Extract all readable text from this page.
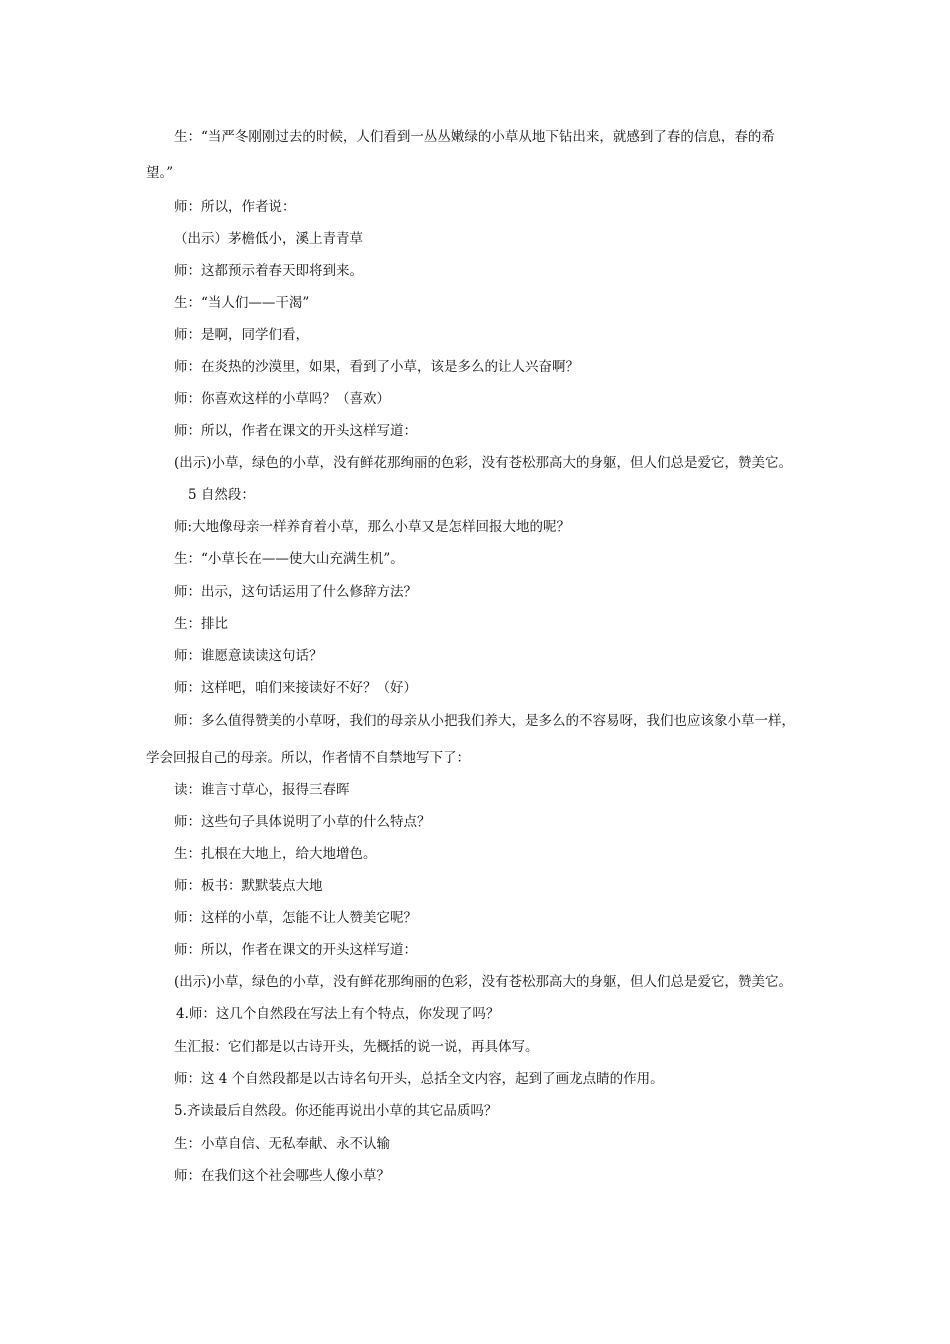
生：“当严冬刚刚过去的时候，人们看到一丛丛嫩绿的小草从地下钻出来，就感到了春的信息，春的希
望。”
师：所以，作者说：
（出示）茅檐低小，溪上青青草
师：这都预示着春天即将到来。
生：“当人们——干渴”
师：是啊，同学们看，
师：在炎热的沙漠里，如果，看到了小草，该是多么的让人兴奋啊？
师：你喜欢这样的小草吗？（喜欢）
师：所以，作者在课文的开头这样写道：
(出示)小草，绿色的小草，没有鲜花那绚丽的色彩，没有苍松那高大的身躯，但人们总是爱它，赞美它。
5 自然段：
师:大地像母亲一样养育着小草，那么小草又是怎样回报大地的呢？
生：“小草长在——使大山充满生机”。
师：出示，这句话运用了什么修辞方法？
生：排比
师：谁愿意读读这句话？
师：这样吧，咱们来接读好不好？（好）
师：多么值得赞美的小草呀，我们的母亲从小把我们养大，是多么的不容易呀，我们也应该象小草一样，
学会回报自己的母亲。所以，作者情不自禁地写下了：
读：谁言寸草心，报得三春晖
师：这些句子具体说明了小草的什么特点？
生：扎根在大地上，给大地增色。
师：板书：默默装点大地
师：这样的小草，怎能不让人赞美它呢？
师：所以，作者在课文的开头这样写道：
(出示)小草，绿色的小草，没有鲜花那绚丽的色彩，没有苍松那高大的身躯，但人们总是爱它，赞美它。
4.师：这几个自然段在写法上有个特点，你发现了吗？
生汇报：它们都是以古诗开头，先概括的说一说，再具体写。
师：这 4 个自然段都是以古诗名句开头，总括全文内容，起到了画龙点睛的作用。
5.齐读最后自然段。你还能再说出小草的其它品质吗？
生：小草自信、无私奉献、永不认输
师：在我们这个社会哪些人像小草？
